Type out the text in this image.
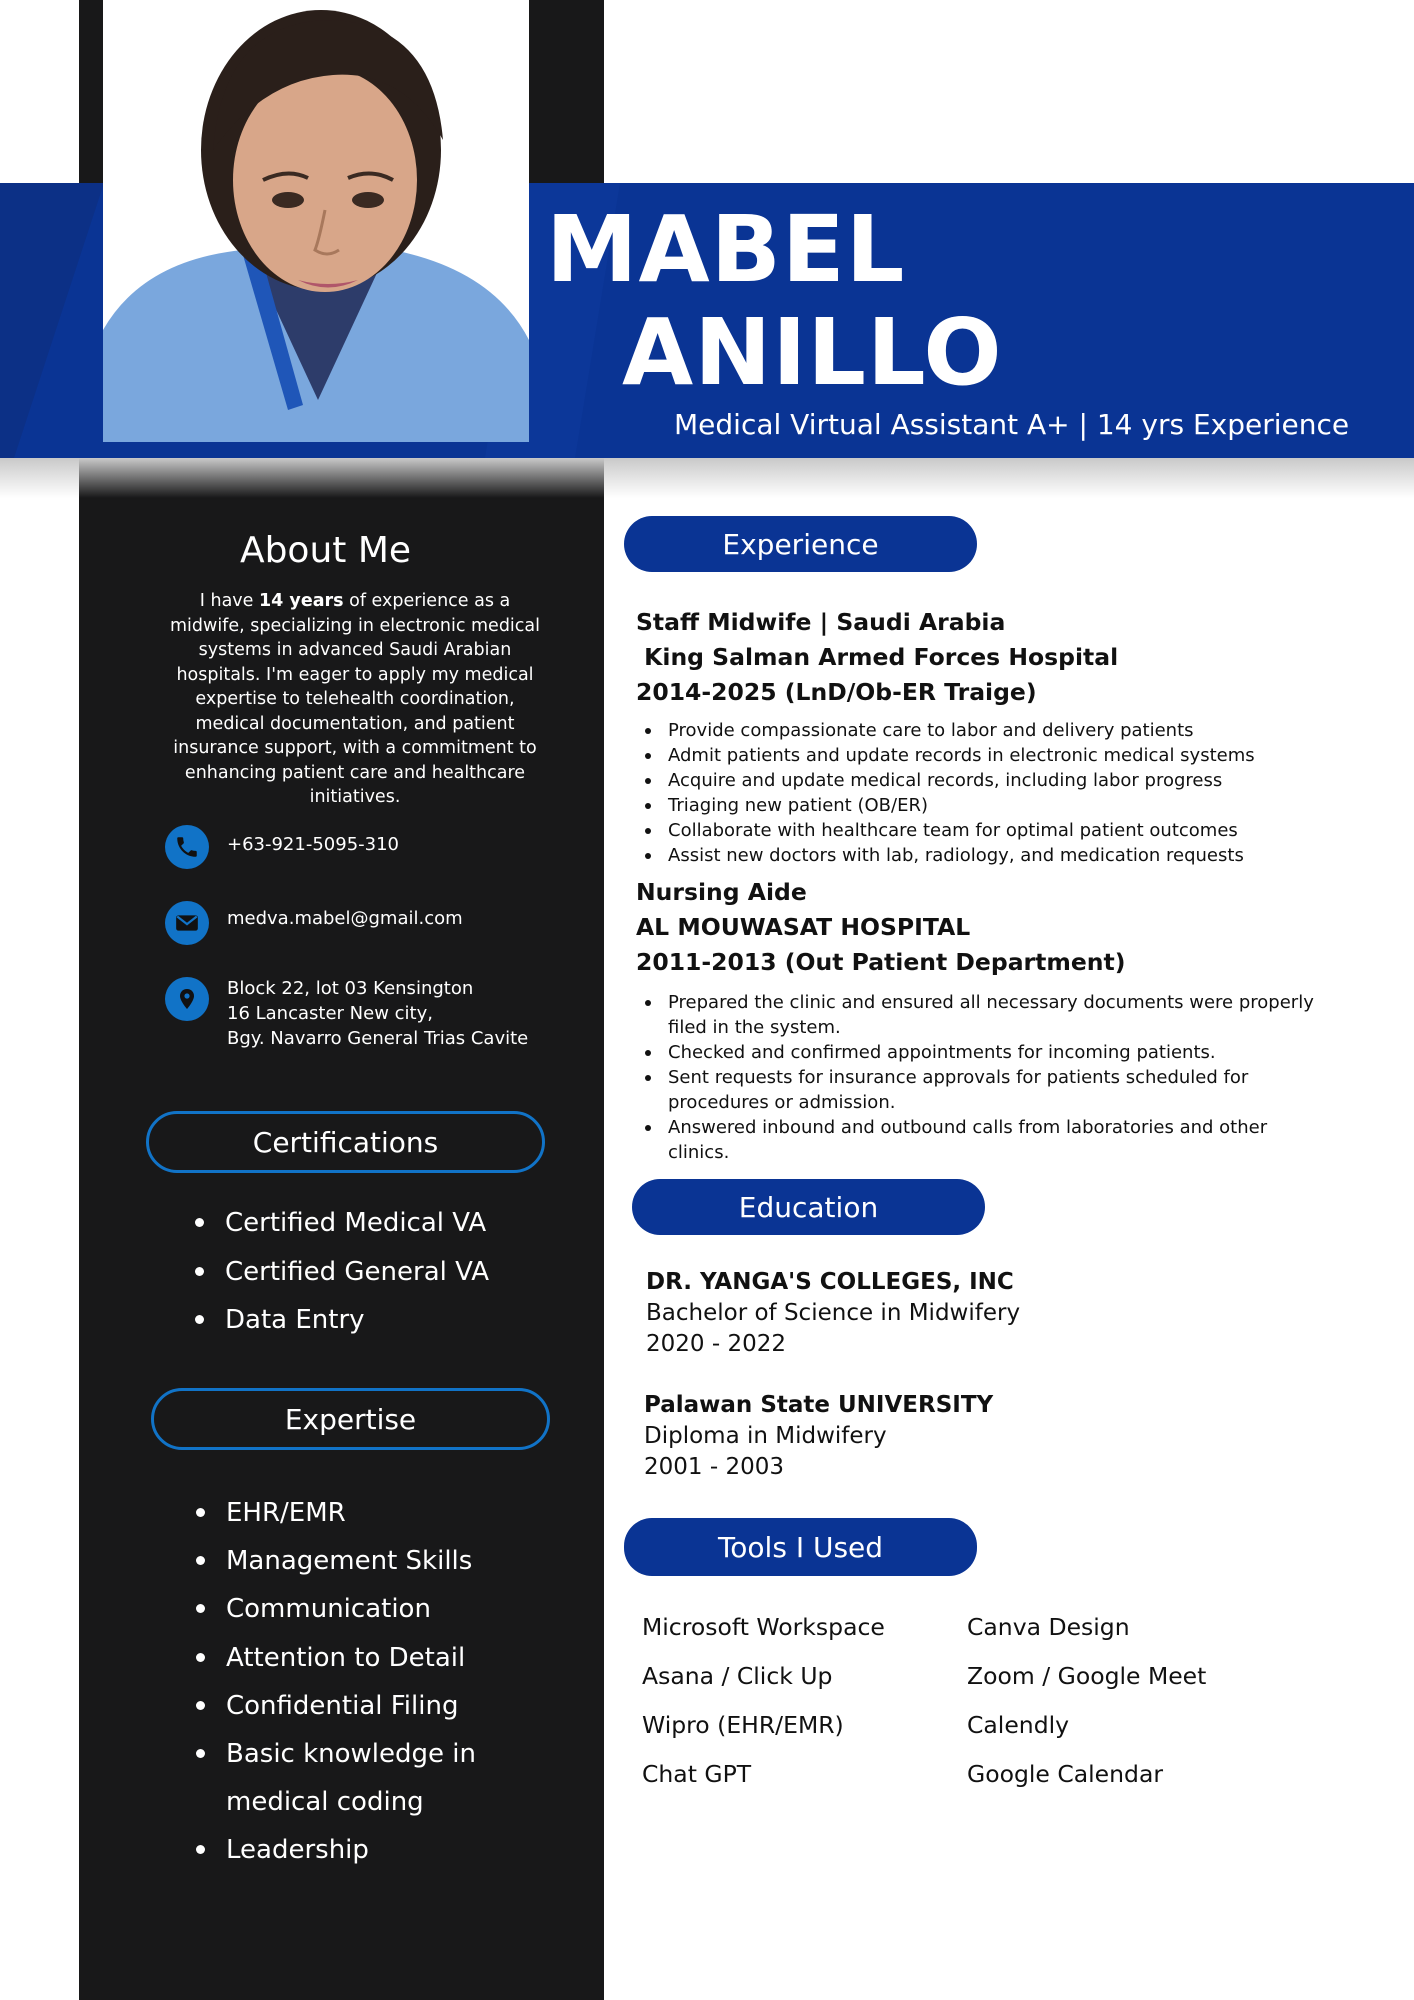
MABEL
ANILLO
Medical Virtual Assistant A+ | 14 yrs Experience
About Me
I have 14 years of experience as a midwife, specializing in electronic medical systems in advanced Saudi Arabian hospitals. I'm eager to apply my medical expertise to telehealth coordination, medical documentation, and patient insurance support, with a commitment to enhancing patient care and healthcare initiatives.
+63-921-5095-310
medva.mabel@gmail.com
Block 22, lot 03 Kensington
16 Lancaster New city,
Bgy. Navarro General Trias Cavite
Certifications
Certified Medical VA
Certified General VA
Data Entry
Expertise
EHR/EMR
Management Skills
Communication
Attention to Detail
Confidential Filing
Basic knowledge in
medical coding
Leadership
Experience
Staff Midwife | Saudi Arabia
King Salman Armed Forces Hospital
2014-2025 (LnD/Ob-ER Traige)
Provide compassionate care to labor and delivery patients
Admit patients and update records in electronic medical systems
Acquire and update medical records, including labor progress
Triaging new patient (OB/ER)
Collaborate with healthcare team for optimal patient outcomes
Assist new doctors with lab, radiology, and medication requests
Nursing Aide
AL MOUWASAT HOSPITAL
2011-2013 (Out Patient Department)
Prepared the clinic and ensured all necessary documents were properly filed in the system.
Checked and confirmed appointments for incoming patients.
Sent requests for insurance approvals for patients scheduled for procedures or admission.
Answered inbound and outbound calls from laboratories and other clinics.
Education
DR. YANGA'S COLLEGES, INC
Bachelor of Science in Midwifery
2020 - 2022
Palawan State UNIVERSITY
Diploma in Midwifery
2001 - 2003
Tools I Used
Microsoft Workspace
Asana / Click Up
Wipro (EHR/EMR)
Chat GPT
Canva Design
Zoom / Google Meet
Calendly
Google Calendar
